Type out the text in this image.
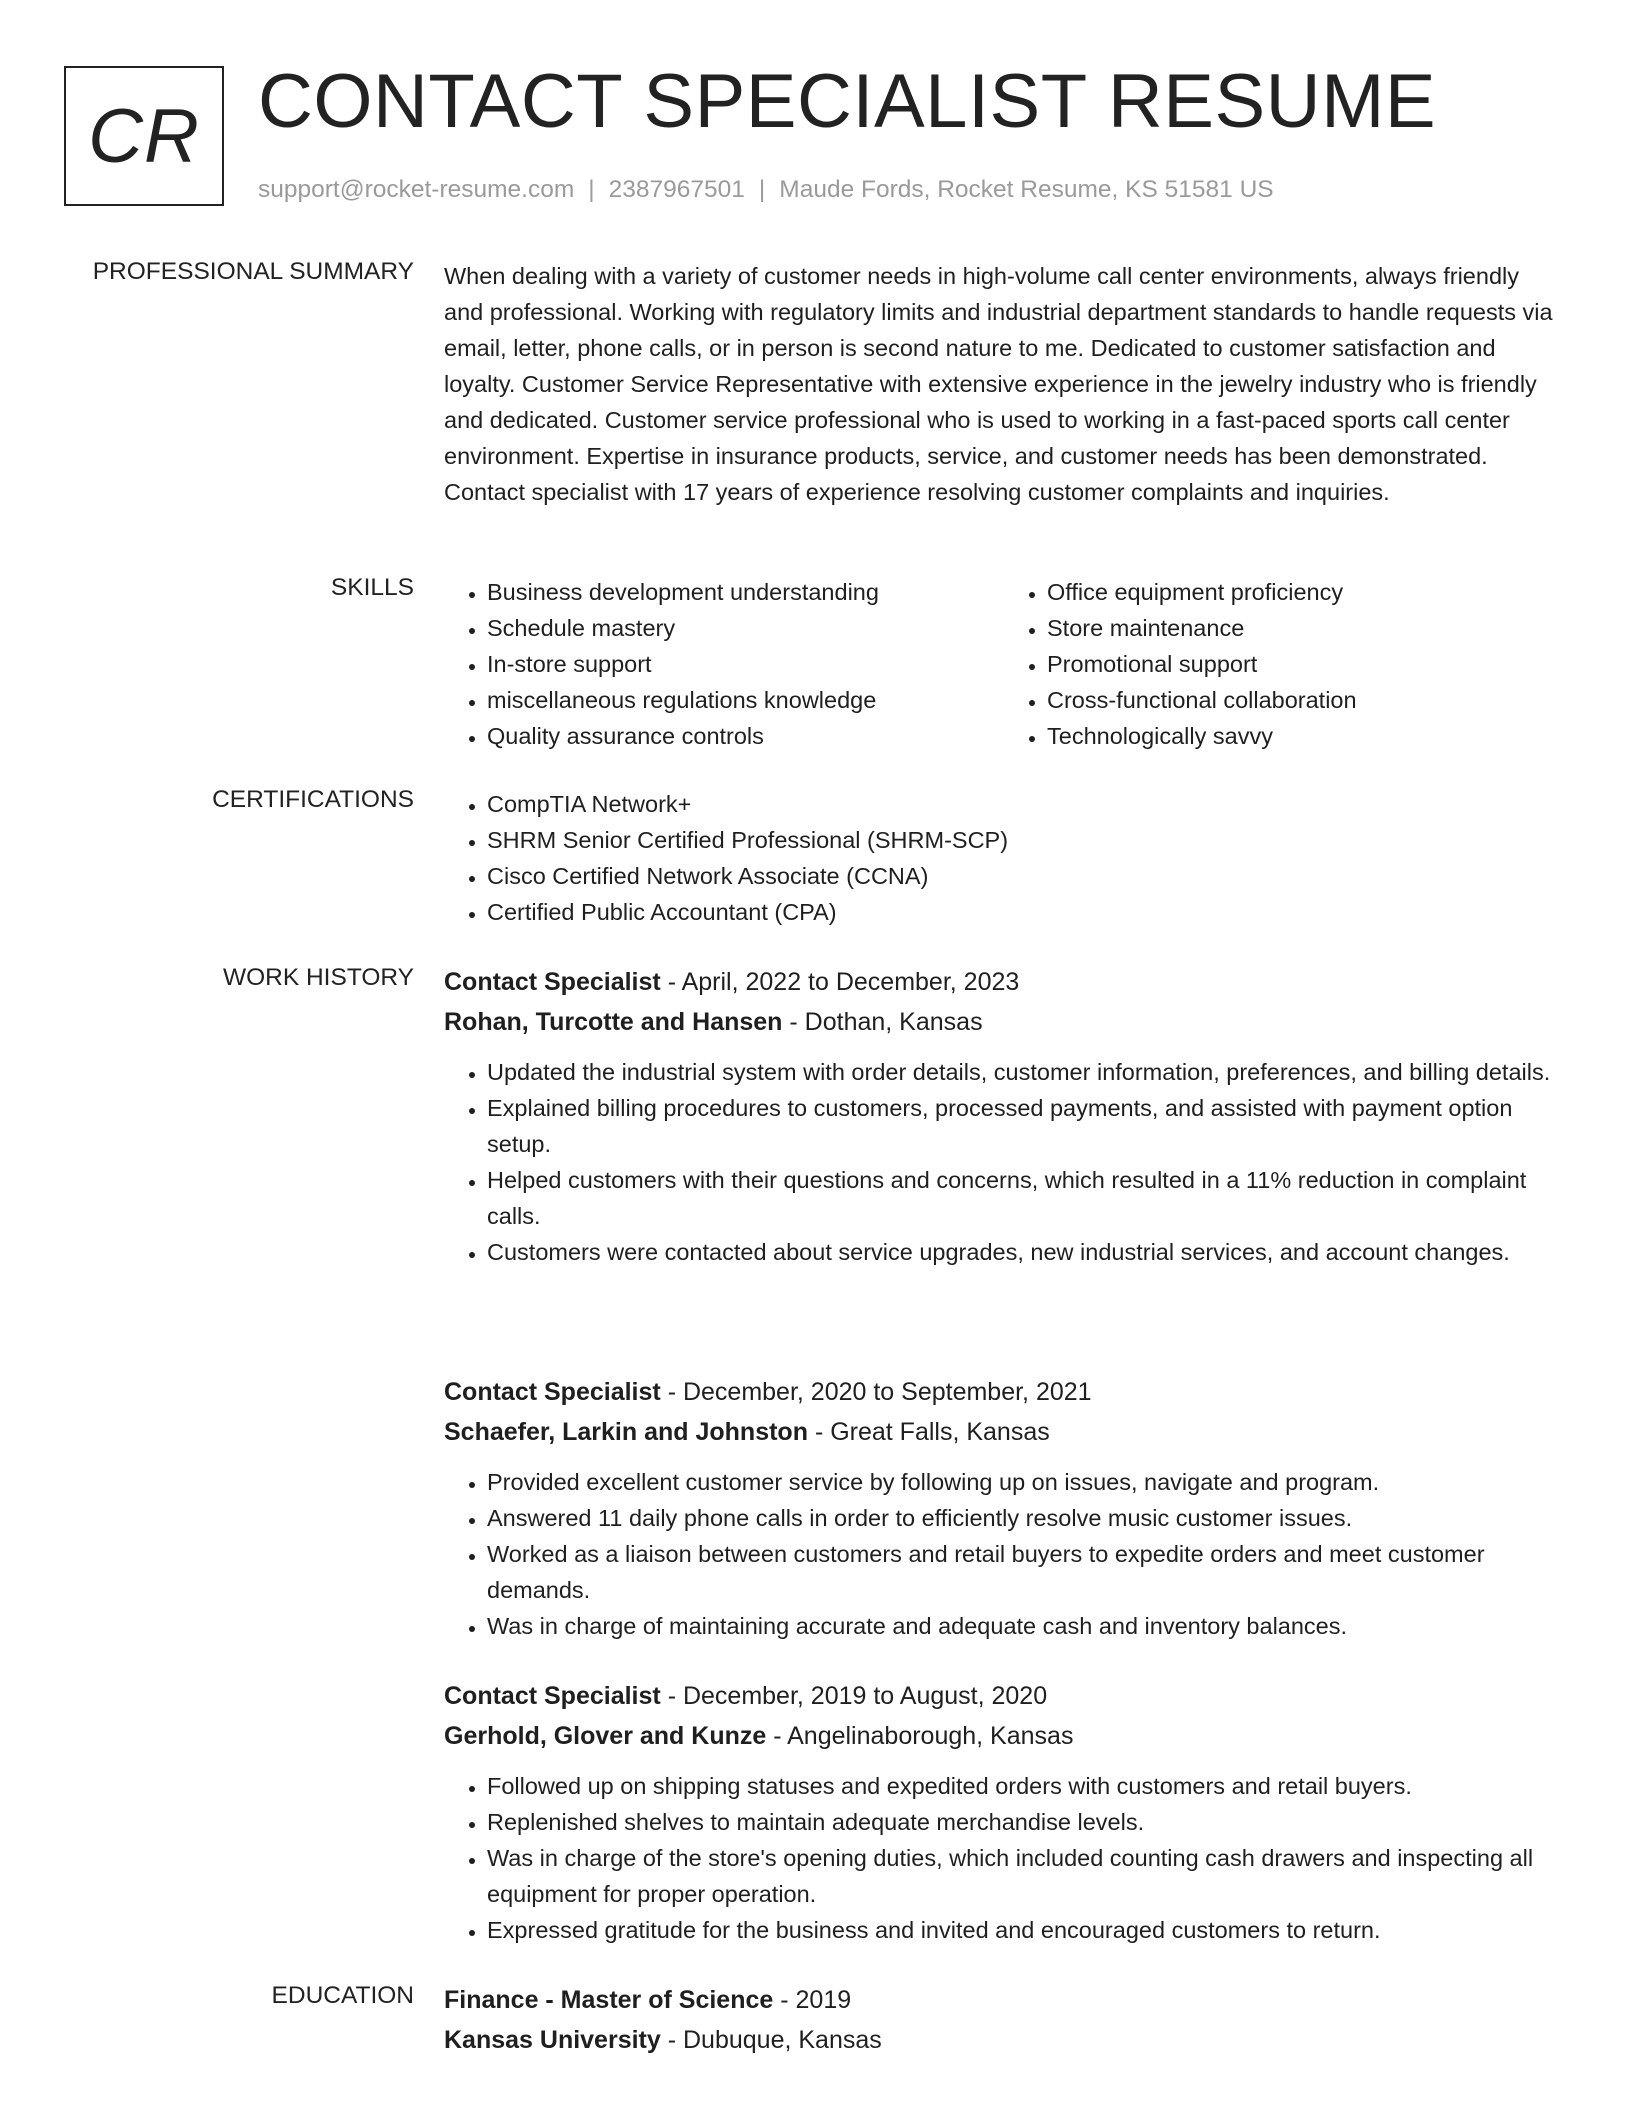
CR CONTACT SPECIALIST RESUME
support@rocket-resume.com | 2387967501 | Maude Fords, Rocket Resume, KS 51581 US
PROFESSIONAL SUMMARY When dealing with a variety of customer needs in high-volume call center environments, always friendly and professional. Working with regulatory limits and industrial department standards to handle requests via email, letter, phone calls, or in person is second nature to me. Dedicated to customer satisfaction and loyalty. Customer Service Representative with extensive experience in the jewelry industry who is friendly and dedicated. Customer service professional who is used to working in a fast-paced sports call center environment. Expertise in insurance products, service, and customer needs has been demonstrated. Contact specialist with 17 years of experience resolving customer complaints and inquiries.

SKILLS	• Business development understanding
• Schedule mastery
• In-store support
• miscellaneous regulations knowledge
• Quality assurance controls
• Office equipment proficiency
• Store maintenance
• Promotional support
• Cross-functional collaboration
• Technologically savvy
CERTIFICATIONS	• CompTIA Network+
• SHRM Senior Certified Professional (SHRM-SCP)
• Cisco Certified Network Associate (CCNA)
• Certified Public Accountant (CPA)
WORK HISTORY Contact Specialist - April, 2022 to December, 2023
Rohan, Turcotte and Hansen - Dothan, Kansas
• Updated the industrial system with order details, customer information, preferences, and billing details.
• Explained billing procedures to customers, processed payments, and assisted with payment option setup.
• Helped customers with their questions and concerns, which resulted in a 11% reduction in complaint calls.
• Customers were contacted about service upgrades, new industrial services, and account changes.
Contact Specialist - December, 2020 to September, 2021
Schaefer, Larkin and Johnston - Great Falls, Kansas
• Provided excellent customer service by following up on issues, navigate and program.
• Answered 11 daily phone calls in order to efficiently resolve music customer issues.
• Worked as a liaison between customers and retail buyers to expedite orders and meet customer demands.
• Was in charge of maintaining accurate and adequate cash and inventory balances.
Contact Specialist - December, 2019 to August, 2020
Gerhold, Glover and Kunze - Angelinaborough, Kansas
• Followed up on shipping statuses and expedited orders with customers and retail buyers.
• Replenished shelves to maintain adequate merchandise levels.
• Was in charge of the store's opening duties, which included counting cash drawers and inspecting all equipment for proper operation.
• Expressed gratitude for the business and invited and encouraged customers to return.
EDUCATION Finance - Master of Science - 2019
Kansas University - Dubuque, Kansas
